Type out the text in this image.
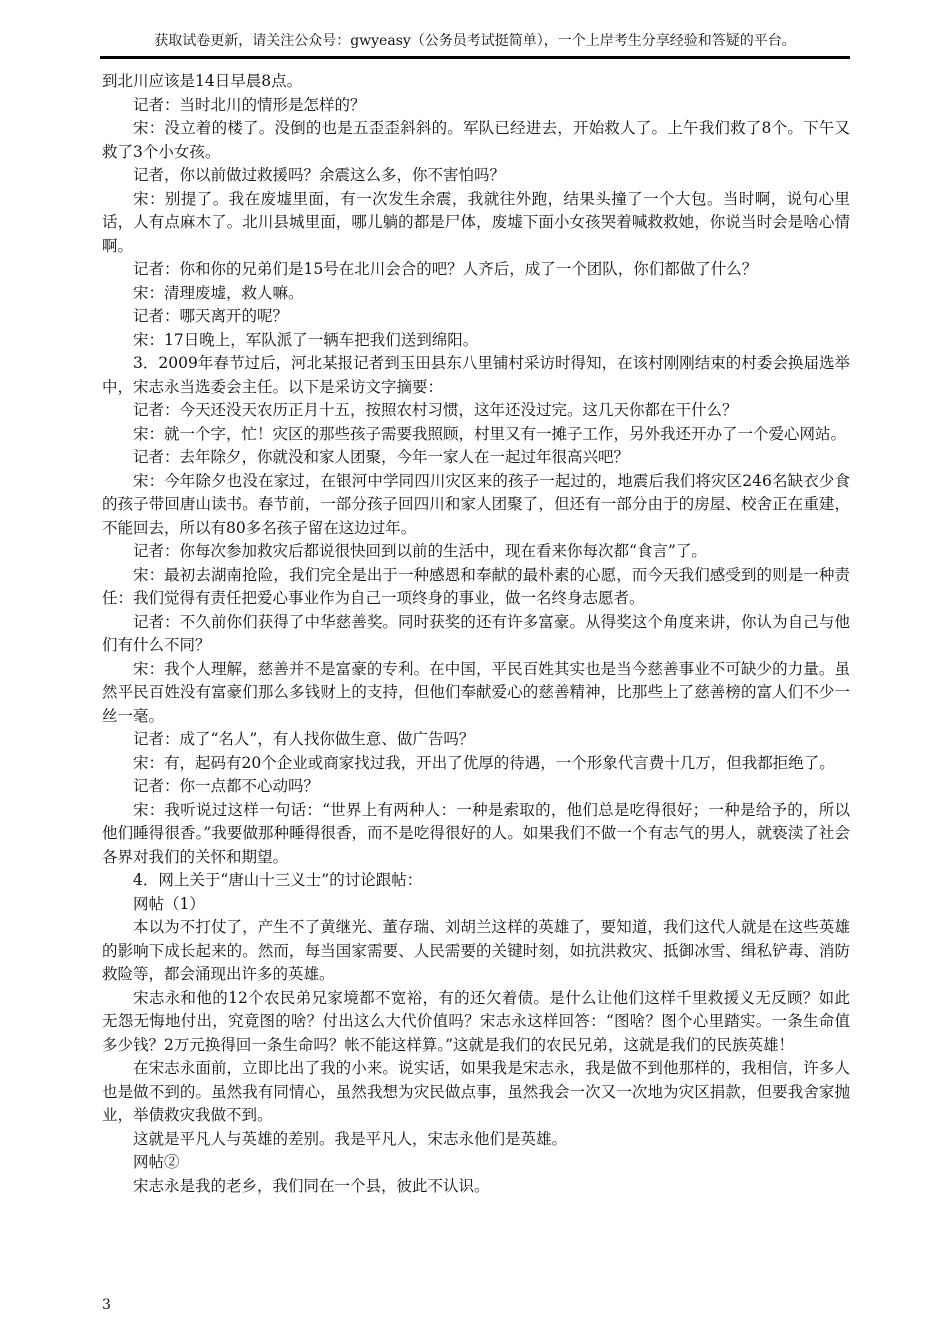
获取试卷更新，请关注公众号：gwyeasy（公务员考试挺简单），一个上岸考生分享经验和答疑的平台。

到北川应该是14日早晨8点。

记者：当时北川的情形是怎样的？

宋：没立着的楼了。没倒的也是五歪歪斜斜的。军队已经进去，开始救人了。上午我们救了8个。下午又救了3个小女孩。

记者，你以前做过救援吗？余震这么多，你不害怕吗？

宋：别提了。我在废墟里面，有一次发生余震，我就往外跑，结果头撞了一个大包。当时啊，说句心里话，人有点麻木了。北川县城里面，哪儿躺的都是尸体，废墟下面小女孩哭着喊救救她，你说当时会是啥心情啊。

记者：你和你的兄弟们是15号在北川会合的吧？人齐后，成了一个团队，你们都做了什么？

宋：清理废墟，救人嘛。

记者：哪天离开的呢？

宋：17日晚上，军队派了一辆车把我们送到绵阳。

3．2009年春节过后，河北某报记者到玉田县东八里铺村采访时得知，在该村刚刚结束的村委会换届选举中，宋志永当选委会主任。以下是采访文字摘要：

记者：今天还没天农历正月十五，按照农村习惯，这年还没过完。这几天你都在干什么？

宋：就一个字，忙！灾区的那些孩子需要我照顾，村里又有一摊子工作，另外我还开办了一个爱心网站。

记者：去年除夕，你就没和家人团聚，今年一家人在一起过年很高兴吧？

宋：今年除夕也没在家过，在银河中学同四川灾区来的孩子一起过的，地震后我们将灾区246名缺衣少食的孩子带回唐山读书。春节前，一部分孩子回四川和家人团聚了，但还有一部分由于的房屋、校舍正在重建，不能回去，所以有80多名孩子留在这边过年。

记者：你每次参加救灾后都说很快回到以前的生活中，现在看来你每次都“食言”了。

宋：最初去湖南抢险，我们完全是出于一种感恩和奉献的最朴素的心愿，而今天我们感受到的则是一种责任：我们觉得有责任把爱心事业作为自己一项终身的事业，做一名终身志愿者。

记者：不久前你们获得了中华慈善奖。同时获奖的还有许多富豪。从得奖这个角度来讲，你认为自己与他们有什么不同？

宋：我个人理解，慈善并不是富豪的专利。在中国，平民百姓其实也是当今慈善事业不可缺少的力量。虽然平民百姓没有富豪们那么多钱财上的支持，但他们奉献爱心的慈善精神，比那些上了慈善榜的富人们不少一丝一毫。

记者：成了“名人”，有人找你做生意、做广告吗？

宋：有，起码有20个企业或商家找过我，开出了优厚的待遇，一个形象代言费十几万，但我都拒绝了。

记者：你一点都不心动吗？

宋：我听说过这样一句话：“世界上有两种人：一种是索取的，他们总是吃得很好；一种是给予的，所以他们睡得很香。”我要做那种睡得很香，而不是吃得很好的人。如果我们不做一个有志气的男人，就亵渎了社会各界对我们的关怀和期望。

4．网上关于“唐山十三义士”的讨论跟帖：

网帖（1）

本以为不打仗了，产生不了黄继光、董存瑞、刘胡兰这样的英雄了，要知道，我们这代人就是在这些英雄的影响下成长起来的。然而，每当国家需要、人民需要的关键时刻，如抗洪救灾、抵御冰雪、缉私铲毒、消防救险等，都会涌现出许多的英雄。

宋志永和他的12个农民弟兄家境都不宽裕，有的还欠着债。是什么让他们这样千里救援义无反顾？如此无怨无悔地付出，究竟图的啥？付出这么大代价值吗？宋志永这样回答：“图啥？图个心里踏实。一条生命值多少钱？2万元换得回一条生命吗？帐不能这样算。”这就是我们的农民兄弟，这就是我们的民族英雄！

在宋志永面前，立即比出了我的小来。说实话，如果我是宋志永，我是做不到他那样的，我相信，许多人也是做不到的。虽然我有同情心，虽然我想为灾民做点事，虽然我会一次又一次地为灾区捐款，但要我舍家抛业，举债救灾我做不到。

这就是平凡人与英雄的差别。我是平凡人，宋志永他们是英雄。

网帖②

宋志永是我的老乡，我们同在一个县，彼此不认识。

3
